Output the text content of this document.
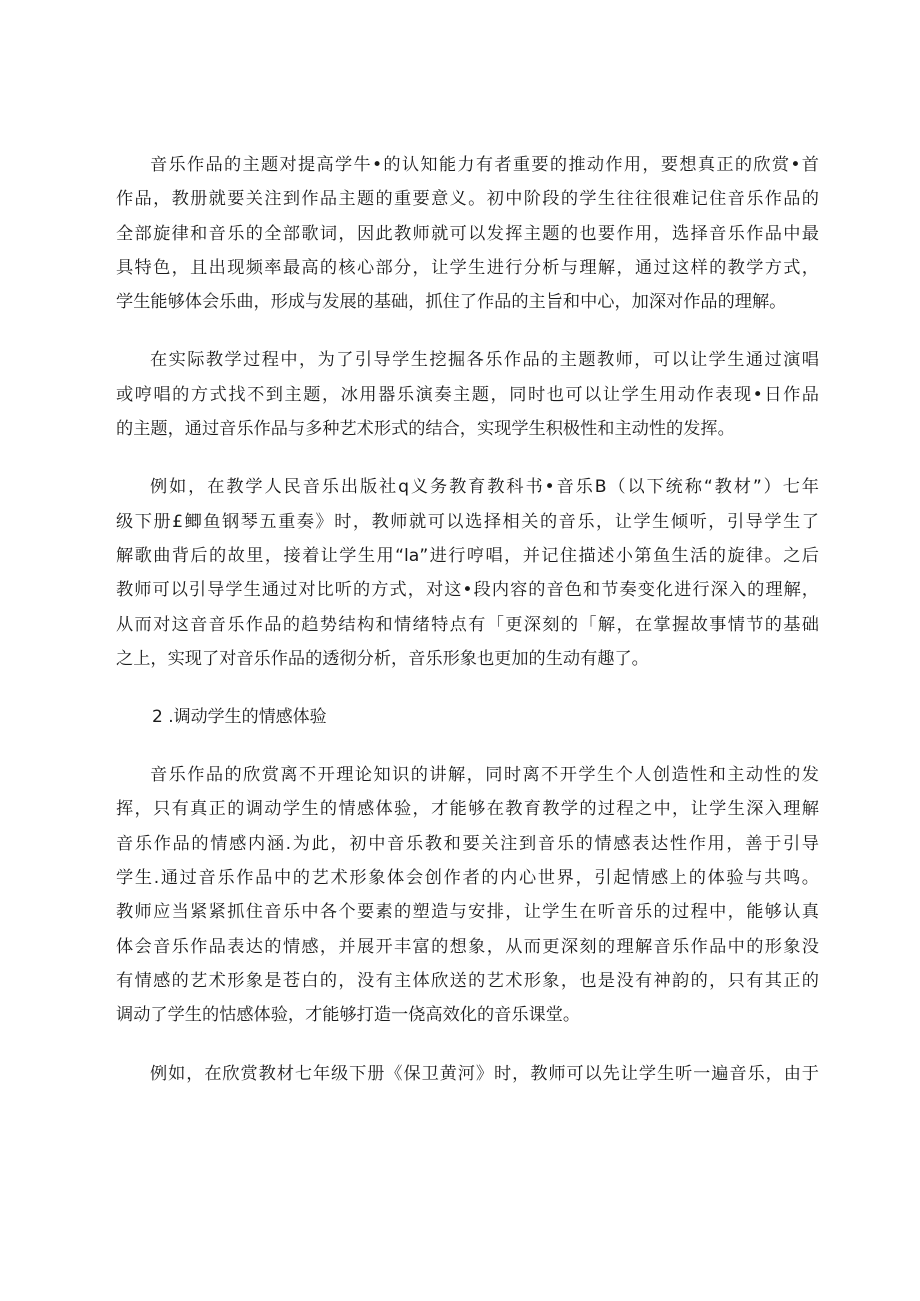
音乐作品的主题对提高学牛•的认知能力有者重要的推动作用，要想真正的欣赏•首
作品，教册就要关注到作品主题的重要意义。初中阶段的学生往往很难记住音乐作品的
全部旋律和音乐的全部歌词，因此教师就可以发挥主题的也要作用，选择音乐作品中最
具特色，且出现频率最高的核心部分，让学生进行分析与理解，通过这样的教学方式，
学生能够体会乐曲，形成与发展的基础，抓住了作品的主旨和中心，加深对作品的理解。

在实际教学过程中，为了引导学生挖掘各乐作品的主题教师，可以让学生通过演唱
或哼唱的方式找不到主题，冰用器乐演奏主题，同时也可以让学生用动作表现•日作品
的主题，通过音乐作品与多种艺术形式的结合，实现学生积极性和主动性的发挥。

例如，在教学人民音乐出版社q义务教育教科书•音乐B（以下统称“教材”）七年
级下册£鲫鱼钢琴五重奏》时，教师就可以选择相关的音乐，让学生倾听，引导学生了
解歌曲背后的故里，接着让学生用“la”进行哼唱，并记住描述小第鱼生活的旋律。之后
教师可以引导学生通过对比听的方式，对这•段内容的音色和节奏变化进行深入的理解，
从而对这音音乐作品的趋势结构和情绪特点有「更深刻的「解，在掌握故事情节的基础
之上，实现了对音乐作品的透彻分析，音乐形象也更加的生动有趣了。

2 .调动学生的情感体验

音乐作品的欣赏离不开理论知识的讲解，同时离不开学生个人创造性和主动性的发
挥，只有真正的调动学生的情感体验，才能够在教育教学的过程之中，让学生深入理解
音乐作品的情感内涵.为此，初中音乐教和要关注到音乐的情感表达性作用，善于引导
学生.通过音乐作品中的艺术形象体会创作者的内心世界，引起情感上的体验与共鸣。
教师应当紧紧抓住音乐中各个要素的塑造与安排，让学生在听音乐的过程中，能够认真
体会音乐作品表达的情感，并展开丰富的想象，从而更深刻的理解音乐作品中的形象没
有情感的艺术形象是苍白的，没有主体欣送的艺术形象，也是没有神韵的，只有其正的
调动了学生的怙感体验，才能够打造一侥高效化的音乐课堂。

例如，在欣赏教材七年级下册《保卫黄河》时，教师可以先让学生听一遍音乐，由于
